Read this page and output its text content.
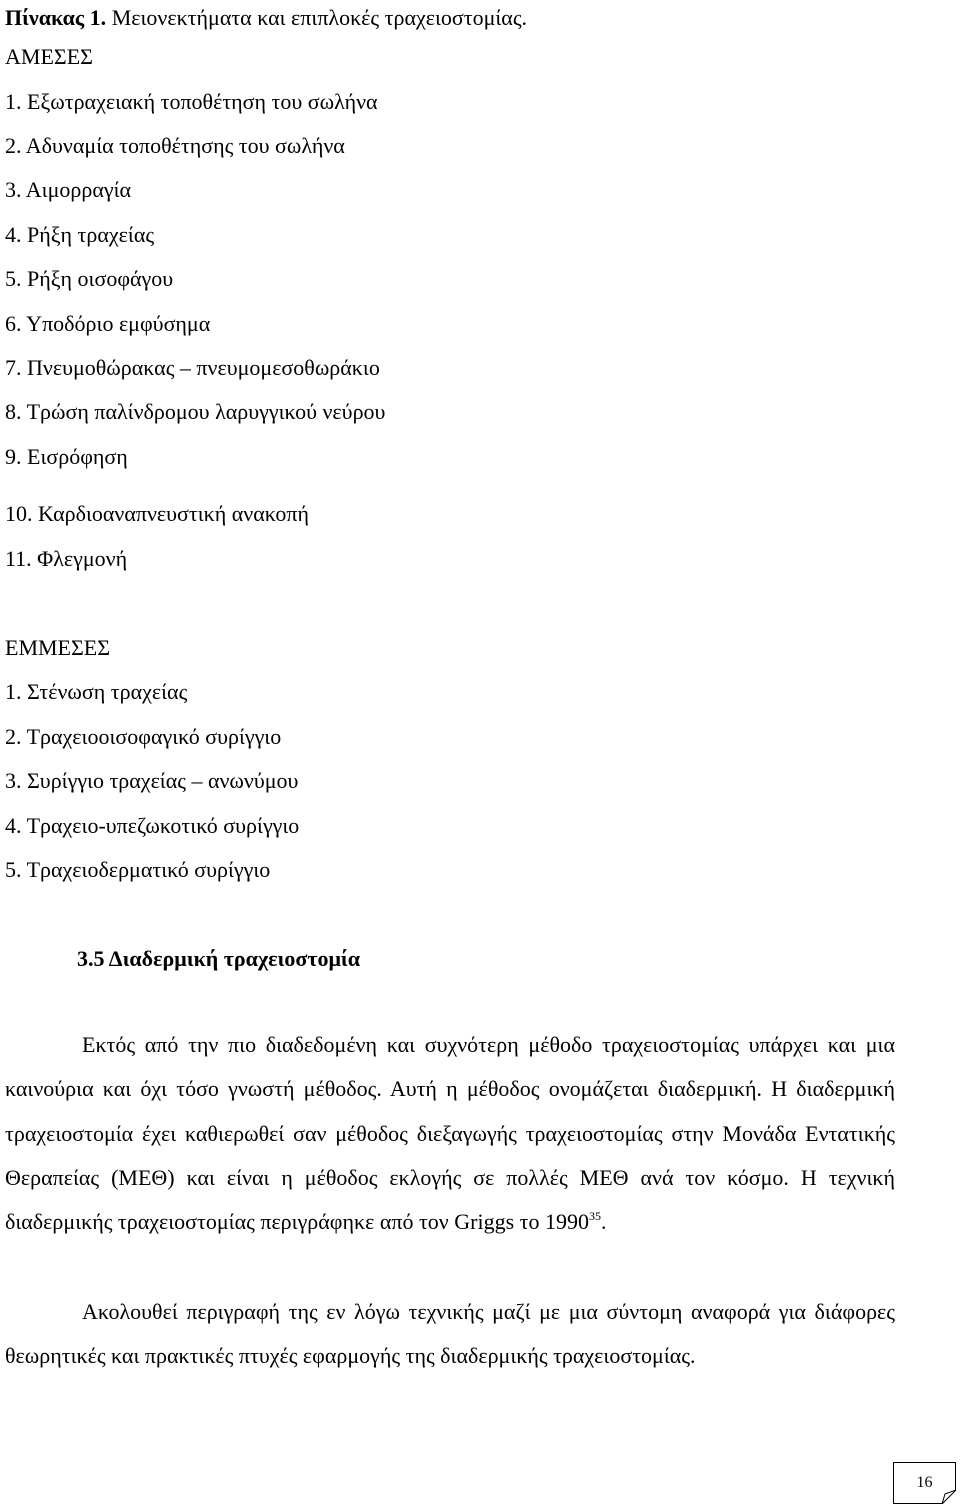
Πίνακας 1. Μειονεκτήματα και επιπλοκές τραχειοστομίας.
ΑΜΕΣΕΣ
1. Εξωτραχειακή τοποθέτηση του σωλήνα
2. Αδυναμία τοποθέτησης του σωλήνα
3. Αιμορραγία
4. Ρήξη τραχείας
5. Ρήξη οισοφάγου
6. Υποδόριο εμφύσημα
7. Πνευμοθώρακας – πνευμομεσοθωράκιο
8. Τρώση παλίνδρομου λαρυγγικού νεύρου
9. Εισρόφηση
10. Καρδιοαναπνευστική ανακοπή
11. Φλεγμονή
ΕΜΜΕΣΕΣ
1. Στένωση τραχείας
2. Τραχειοοισοφαγικό συρίγγιο
3. Συρίγγιο τραχείας – ανωνύμου
4. Τραχειο-υπεζωκοτικό συρίγγιο
5. Τραχειοδερματικό συρίγγιο
3.5 Διαδερμική τραχειοστομία
Εκτός από την πιο διαδεδομένη και συχνότερη μέθοδο τραχειοστομίας υπάρχει και μια καινούρια και όχι τόσο γνωστή μέθοδος. Αυτή η μέθοδος ονομάζεται διαδερμική. Η διαδερμική τραχειοστομία έχει καθιερωθεί σαν μέθοδος διεξαγωγής τραχειοστομίας στην Μονάδα Εντατικής Θεραπείας (ΜΕΘ) και είναι η μέθοδος εκλογής σε πολλές ΜΕΘ ανά τον κόσμο. Η τεχνική διαδερμικής τραχειοστομίας περιγράφηκε από τον Griggs το 1990$^{35}$.
Ακολουθεί περιγραφή της εν λόγω τεχνικής μαζί με μια σύντομη αναφορά για διάφορες θεωρητικές και πρακτικές πτυχές εφαρμογής της διαδερμικής τραχειοστομίας.
16
